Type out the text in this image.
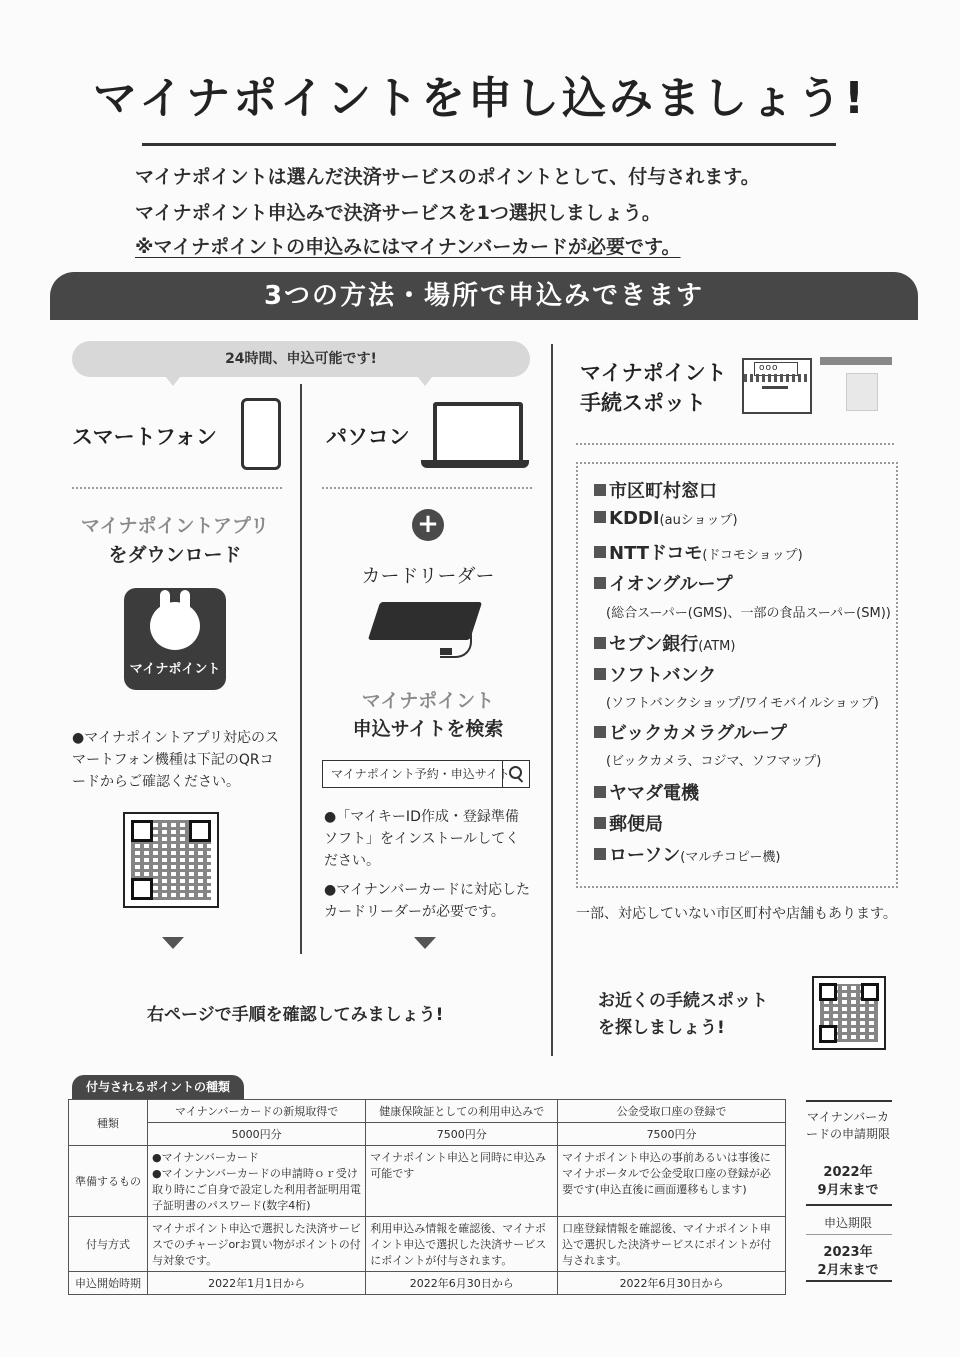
マイナポイントを申し込みましょう!
マイナポイントは選んだ決済サービスのポイントとして、付与されます。
マイナポイント申込みで決済サービスを1つ選択しましょう。
※マイナポイントの申込みにはマイナンバーカードが必要です。
3つの方法・場所で申込みできます
24時間、申込可能です!
スマートフォン
マイナポイントアプリ
をダウンロード
マイナポイント
●マイナポイントアプリ対応のスマートフォン機種は下記のQRコードからご確認ください。
パソコン
+
カードリーダー
マイナポイント
申込サイトを検索
マイナポイント予約・申込サイト
●「マイキーID作成・登録準備ソフト」をインストールしてください。
●マイナンバーカードに対応したカードリーダーが必要です。
右ページで手順を確認してみましょう!
マイナポイント
手続スポット
ooo
市区町村窓口
KDDI(auショップ)
NTTドコモ(ドコモショップ)
イオングループ
(総合スーパー(GMS)、一部の食品スーパー(SM))
セブン銀行(ATM)
ソフトバンク
(ソフトバンクショップ/ワイモバイルショップ)
ビックカメラグループ
(ビックカメラ、コジマ、ソフマップ)
ヤマダ電機
郵便局
ローソン(マルチコピー機)
一部、対応していない市区町村や店舗もあります。
お近くの手続スポット
を探しましょう!
付与されるポイントの種類
種類	マイナンバーカードの新規取得で	健康保険証としての利用申込みで	公金受取口座の登録で
	5000円分	7500円分	7500円分
準備するもの	●マイナンバーカード
●マインナンバーカードの申請時ｏｒ受け取り時にご自身で設定した利用者証明用電子証明書のパスワード(数字4桁)	マイナポイント申込と同時に申込み可能です	マイナポイント申込の事前あるいは事後にマイナポータルで公金受取口座の登録が必要です(申込直後に画面遷移もします)
付与方式	マイナポイント申込で選択した決済サービスでのチャージorお買い物がポイントの付与対象です。	利用申込み情報を確認後、マイナポイント申込で選択した決済サービスにポイントが付与されます。	口座登録情報を確認後、マイナポイント申込で選択した決済サービスにポイントが付与されます。
申込開始時期	2022年1月1日から	2022年6月30日から	2022年6月30日から
マイナンバーカードの申請期限
2022年
9月末まで
申込期限
2023年
2月末まで
